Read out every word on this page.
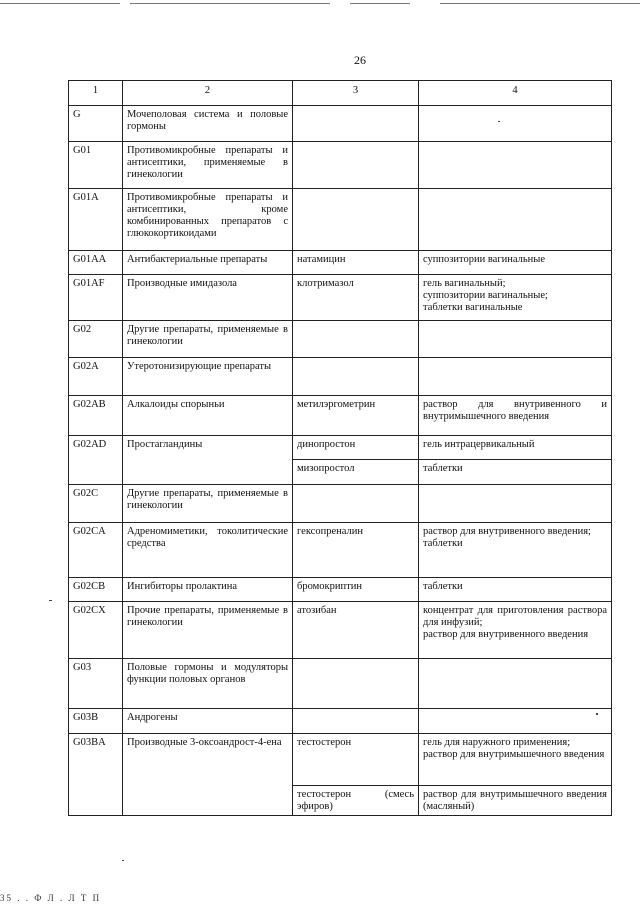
26
1	2	3	4
G	Мочеполовая система и половые гормоны		
G01	Противомикробные препараты и антисептики, применяемые в гинекологии		
G01A	Противомикробные препараты и антисептики, кроме комбинированных препаратов с глюкокортикоидами		
G01AA	Антибактериальные препараты	натамицин	суппозитории вагинальные
G01AF	Производные имидазола	клотримазол	гель вагинальный;
суппозитории вагинальные;
таблетки вагинальные
G02	Другие препараты, применяемые в гинекологии		
G02A	Утеротонизирующие препараты		
G02AB	Алкалоиды спорыньи	метилэргометрин	раствор для внутривенного и внутримышечного введения
G02AD	Простагландины	динопростон	гель интрацервикальный
		мизопростол	таблетки
G02C	Другие препараты, применяемые в гинекологии		
G02CA	Адреномиметики, токолитические средства	гексопреналин	раствор для внутривенного введения;
таблетки
G02CB	Ингибиторы пролактина	бромокриптин	таблетки
G02CX	Прочие препараты, применяемые в гинекологии	атозибан	концентрат для приготовления раствора для инфузий;
раствор для внутривенного введения
G03	Половые гормоны и модуляторы функции половых органов		
G03B	Андрогены		
G03BA	Производные 3-оксоандрост-4-ена	тестостерон	гель для наружного применения;
раствор для внутримышечного введения
		тестостерон (смесь эфиров)	раствор для внутримышечного введения (масляный)
35 . . Ф Л . Л Т П
